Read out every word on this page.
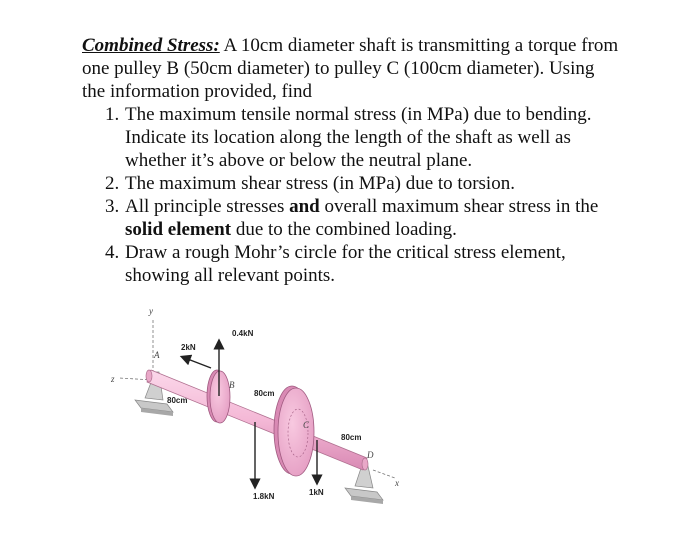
Combined Stress: A 10cm diameter shaft is transmitting a torque from one pulley B (50cm diameter) to pulley C (100cm diameter). Using the information provided, find

1. The maximum tensile normal stress (in MPa) due to bending. Indicate its location along the length of the shaft as well as whether it’s above or below the neutral plane.
2. The maximum shear stress (in MPa) due to torsion.
3. All principle stresses and overall maximum shear stress in the solid element due to the combined loading.
4. Draw a rough Mohr’s circle for the critical stress element, showing all relevant points.
y
z
x
0.4kN
2kN
1.8kN	1kN
A
B
C
D
80cm
80cm
80cm
